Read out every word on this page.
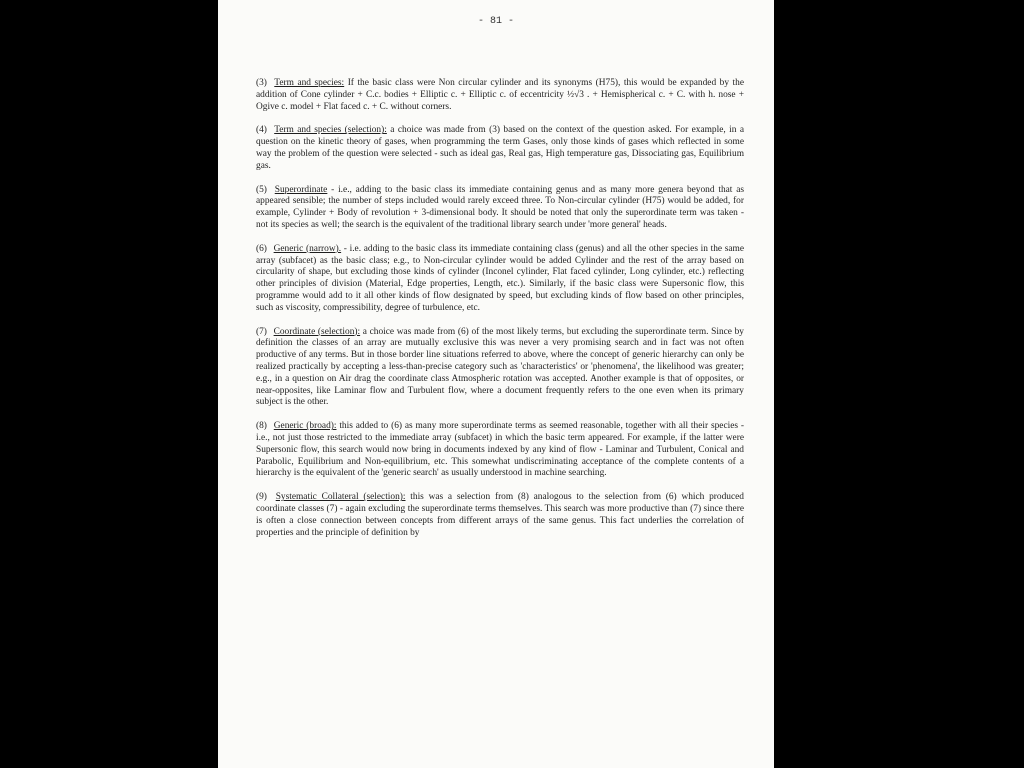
- 81 -

(3) Term and species: If the basic class were Non circular cylinder and its synonyms (H75), this would be expanded by the addition of Cone cylinder + C.c. bodies + Elliptic c. + Elliptic c. of eccentricity ½√3 . + Hemispherical c. + C. with h. nose + Ogive c. model + Flat faced c. + C. without corners.

(4) Term and species (selection): a choice was made from (3) based on the context of the question asked. For example, in a question on the kinetic theory of gases, when programming the term Gases, only those kinds of gases which reflected in some way the problem of the question were selected - such as ideal gas, Real gas, High temperature gas, Dissociating gas, Equilibrium gas.

(5) Superordinate - i.e., adding to the basic class its immediate containing genus and as many more genera beyond that as appeared sensible; the number of steps included would rarely exceed three. To Non-circular cylinder (H75) would be added, for example, Cylinder + Body of revolution + 3-dimensional body. It should be noted that only the superordinate term was taken - not its species as well; the search is the equivalent of the traditional library search under 'more general' heads.

(6) Generic (narrow). - i.e. adding to the basic class its immediate containing class (genus) and all the other species in the same array (subfacet) as the basic class; e.g., to Non-circular cylinder would be added Cylinder and the rest of the array based on circularity of shape, but excluding those kinds of cylinder (Inconel cylinder, Flat faced cylinder, Long cylinder, etc.) reflecting other principles of division (Material, Edge properties, Length, etc.). Similarly, if the basic class were Supersonic flow, this programme would add to it all other kinds of flow designated by speed, but excluding kinds of flow based on other principles, such as viscosity, compressibility, degree of turbulence, etc.

(7) Coordinate (selection): a choice was made from (6) of the most likely terms, but excluding the superordinate term. Since by definition the classes of an array are mutually exclusive this was never a very promising search and in fact was not often productive of any terms. But in those border line situations referred to above, where the concept of generic hierarchy can only be realized practically by accepting a less-than-precise category such as 'characteristics' or 'phenomena', the likelihood was greater; e.g., in a question on Air drag the coordinate class Atmospheric rotation was accepted. Another example is that of opposites, or near-opposites, like Laminar flow and Turbulent flow, where a document frequently refers to the one even when its primary subject is the other.

(8) Generic (broad): this added to (6) as many more superordinate terms as seemed reasonable, together with all their species - i.e., not just those restricted to the immediate array (subfacet) in which the basic term appeared. For example, if the latter were Supersonic flow, this search would now bring in documents indexed by any kind of flow - Laminar and Turbulent, Conical and Parabolic, Equilibrium and Non-equilibrium, etc. This somewhat undiscriminating acceptance of the complete contents of a hierarchy is the equivalent of the 'generic search' as usually understood in machine searching.

(9) Systematic Collateral (selection): this was a selection from (8) analogous to the selection from (6) which produced coordinate classes (7) - again excluding the superordinate terms themselves. This search was more productive than (7) since there is often a close connection between concepts from different arrays of the same genus. This fact underlies the correlation of properties and the principle of definition by
